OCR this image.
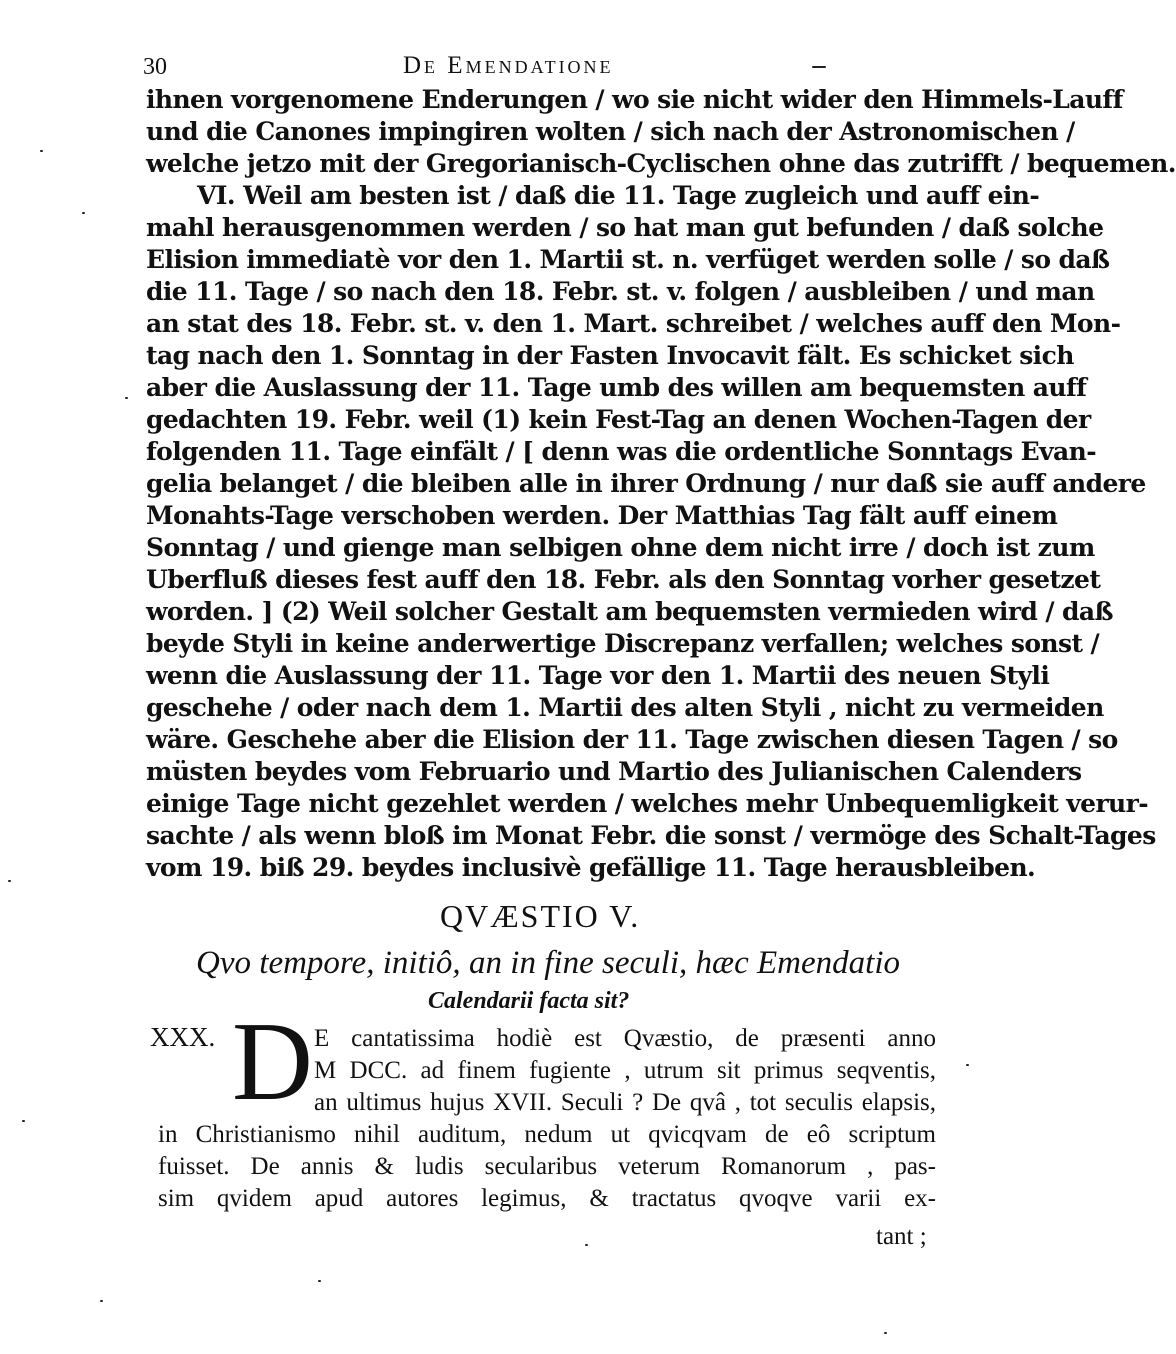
30	De Emendatione
ihnen vorgenomene Enderungen / wo sie nicht wider den Himmels-Lauff
und die Canones impingiren wolten / sich nach der Astronomischen /
welche jetzo mit der Gregorianisch-Cyclischen ohne das zutrifft / bequemen.
VI. Weil am besten ist / daß die 11. Tage zugleich und auff ein-
mahl herausgenommen werden / so hat man gut befunden / daß solche
Elision immediatè vor den 1. Martii st. n. verfüget werden solle / so daß
die 11. Tage / so nach den 18. Febr. st. v. folgen / ausbleiben / und man
an stat des 18. Febr. st. v. den 1. Mart. schreibet / welches auff den Mon-
tag nach den 1. Sonntag in der Fasten Invocavit fält. Es schicket sich
aber die Auslassung der 11. Tage umb des willen am bequemsten auff
gedachten 19. Febr. weil (1) kein Fest-Tag an denen Wochen-Tagen der
folgenden 11. Tage einfält / [ denn was die ordentliche Sonntags Evan-
gelia belanget / die bleiben alle in ihrer Ordnung / nur daß sie auff andere
Monahts-Tage verschoben werden. Der Matthias Tag fält auff einem
Sonntag / und gienge man selbigen ohne dem nicht irre / doch ist zum
Uberfluß dieses fest auff den 18. Febr. als den Sonntag vorher gesetzet
worden. ] (2) Weil solcher Gestalt am bequemsten vermieden wird / daß
beyde Styli in keine anderwertige Discrepanz verfallen; welches sonst /
wenn die Auslassung der 11. Tage vor den 1. Martii des neuen Styli
geschehe / oder nach dem 1. Martii des alten Styli , nicht zu vermeiden
wäre. Geschehe aber die Elision der 11. Tage zwischen diesen Tagen / so
müsten beydes vom Februario und Martio des Julianischen Calenders
einige Tage nicht gezehlet werden / welches mehr Unbequemligkeit verur-
sachte / als wenn bloß im Monat Febr. die sonst / vermöge des Schalt-Tages
vom 19. biß 29. beydes inclusivè gefällige 11. Tage herausbleiben.
QVÆSTIO V.
Qvo tempore, initiô, an in fine seculi, hæc Emendatio
Calendarii facta sit?
XXX. D E cantatissima hodiè est Qvæstio, de præsenti anno
M DCC. ad finem fugiente , utrum sit primus seqventis,
an ultimus hujus XVII. Seculi ? De qvâ , tot seculis elapsis,
in Christianismo nihil auditum, nedum ut qvicqvam de eô scriptum
fuisset. De annis & ludis secularibus veterum Romanorum , pas-
sim qvidem apud autores legimus, & tractatus qvoqve varii ex-
tant ;
